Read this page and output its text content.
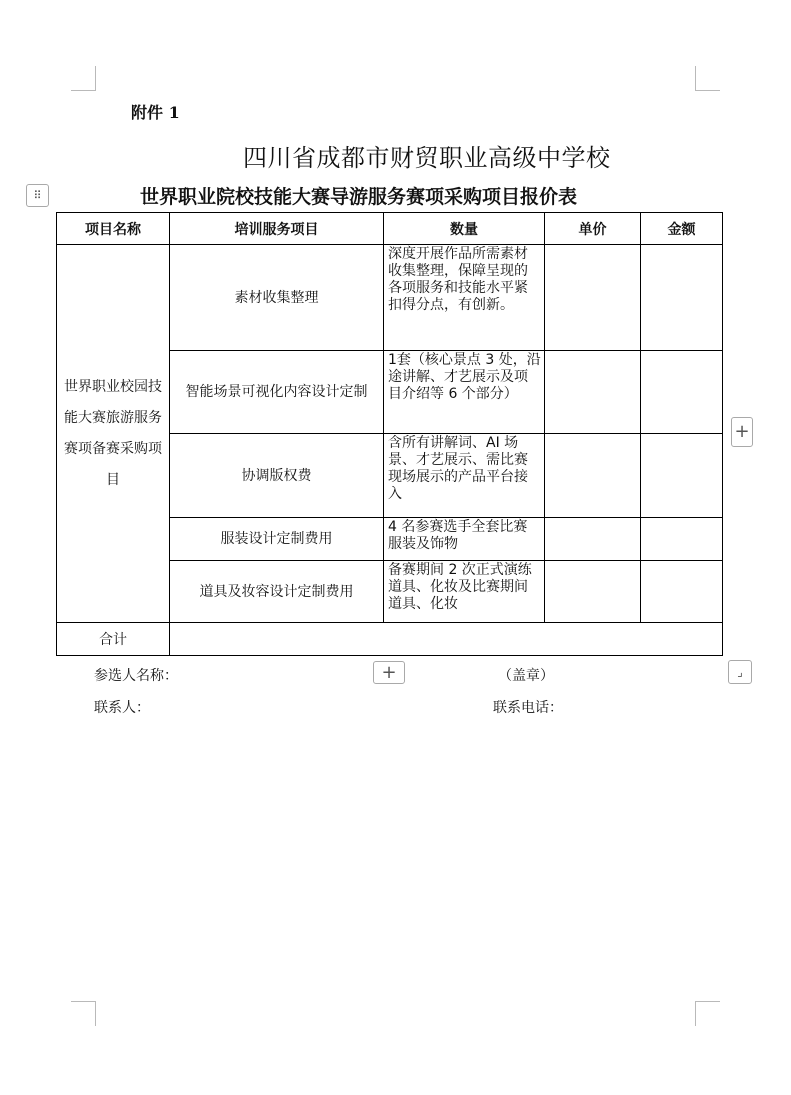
附件 1
四川省成都市财贸职业高级中学校
世界职业院校技能大赛导游服务赛项采购项目报价表
⠿
项目名称	培训服务项目	数量	单价	金额
世界职业校园技能大赛旅游服务赛项备赛采购项目	素材收集整理	深度开展作品所需素材收集整理，保障呈现的各项服务和技能水平紧扣得分点，有创新。		
	智能场景可视化内容设计定制	1套（核心景点 3 处，沿途讲解、才艺展示及项目介绍等 6 个部分）		
	协调版权费	含所有讲解词、AI 场景、才艺展示、需比赛现场展示的产品平台接入		
	服装设计定制费用	4 名参赛选手全套比赛服装及饰物		
	道具及妆容设计定制费用	备赛期间 2 次正式演练道具、化妆及比赛期间道具、化妆		
合计				
+
+	⌟
参选人名称：	（盖章）
联系人：	联系电话：
